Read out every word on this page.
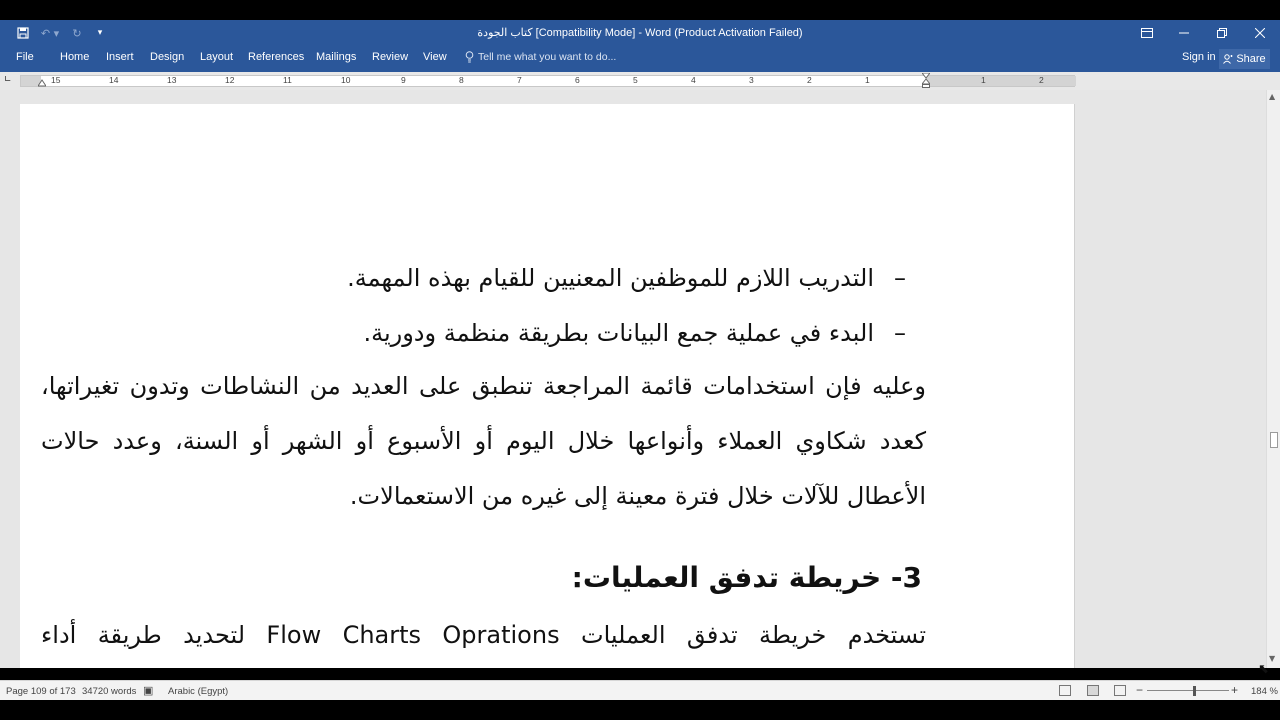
↶ ▾	↻	▾	كتاب الجودة [Compatibility Mode] - Word (Product Activation Failed)
File Home Insert Design Layout References Mailings Review View	Tell me what you want to do...	Sign in Share
∟	15	14	13	12	11	10	9	8	7	6	5	4	3	2	1	1	2
–
التدريب اللازم للموظفين المعنيين للقيام بهذه المهمة.
–
البدء في عملية جمع البيانات بطريقة منظمة ودورية.
وعليه فإن استخدامات قائمة المراجعة تنطبق على العديد من النشاطات وتدون تغيراتها،
كعدد شكاوي العملاء وأنواعها خلال اليوم أو الأسبوع أو الشهر أو السنة، وعدد حالات
الأعطال للآلات خلال فترة معينة إلى غيره من الاستعمالات.
3- خريطة تدفق العمليات:
تستخدم خريطة تدفق العمليات Flow Charts Oprations لتحديد طريقة أداء
▲
▼
Page 109 of 173 34720 words ▣ Arabic (Egypt)	−	+ 184 %
⬉
